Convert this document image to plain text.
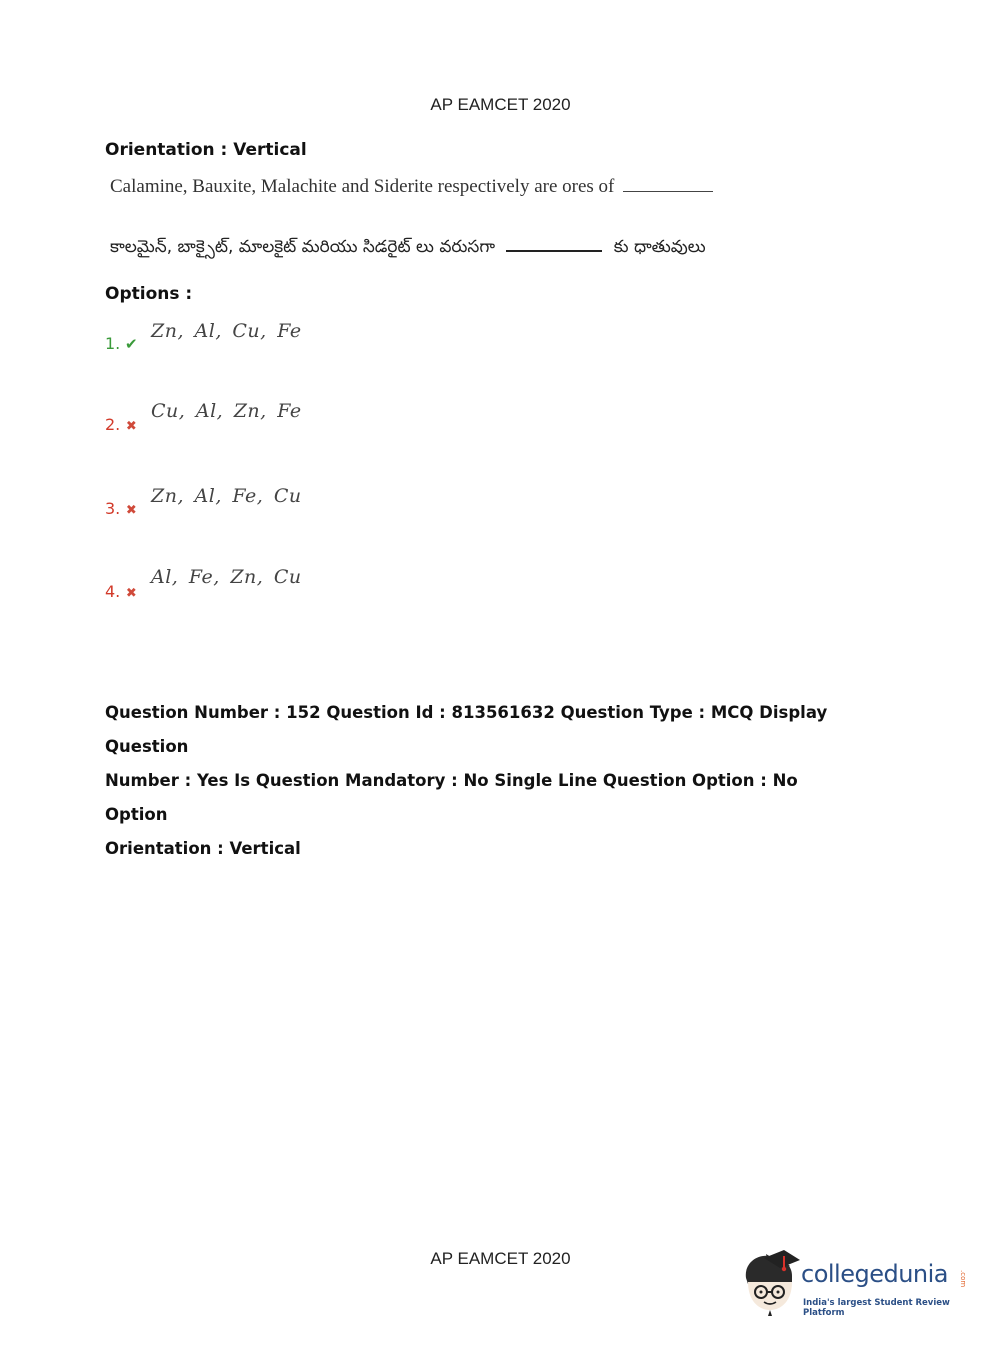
AP EAMCET 2020
Orientation : Vertical
Calamine, Bauxite, Malachite and Siderite respectively are ores of
కాలమైన్, బాక్సైట్, మాలకైట్ మరియు సిడరైట్ లు వరుసగా	కు ధాతువులు
Options :
1. ✔
Zn, Al, Cu, Fe
2. ✖
Cu, Al, Zn, Fe
3. ✖
Zn, Al, Fe, Cu
4. ✖
Al, Fe, Zn, Cu
Question Number : 152 Question Id : 813561632 Question Type : MCQ Display Question
Number : Yes Is Question Mandatory : No Single Line Question Option : No Option
Orientation : Vertical
AP EAMCET 2020
collegedunia .com
India's largest Student Review Platform
